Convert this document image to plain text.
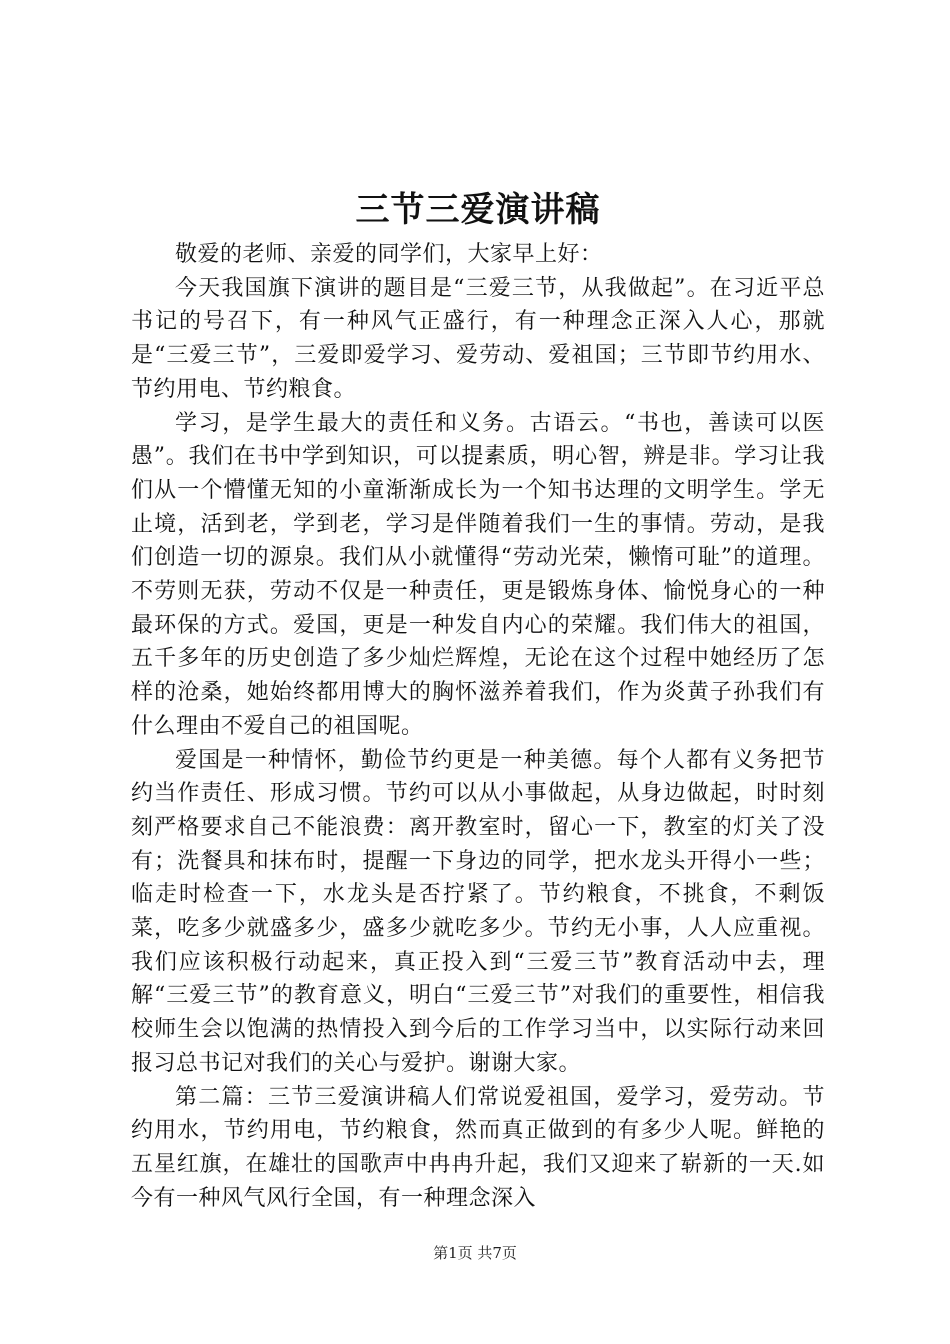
三节三爱演讲稿

敬爱的老师、亲爱的同学们，大家早上好：

今天我国旗下演讲的题目是“三爱三节，从我做起”。在习近平总书记的号召下，有一种风气正盛行，有一种理念正深入人心，那就是“三爱三节”，三爱即爱学习、爱劳动、爱祖国；三节即节约用水、节约用电、节约粮食。

学习，是学生最大的责任和义务。古语云。“书也，善读可以医愚”。我们在书中学到知识，可以提素质，明心智，辨是非。学习让我们从一个懵懂无知的小童渐渐成长为一个知书达理的文明学生。学无止境，活到老，学到老，学习是伴随着我们一生的事情。劳动，是我们创造一切的源泉。我们从小就懂得“劳动光荣，懒惰可耻”的道理。不劳则无获，劳动不仅是一种责任，更是锻炼身体、愉悦身心的一种最环保的方式。爱国，更是一种发自内心的荣耀。我们伟大的祖国，五千多年的历史创造了多少灿烂辉煌，无论在这个过程中她经历了怎样的沧桑，她始终都用博大的胸怀滋养着我们，作为炎黄子孙我们有什么理由不爱自己的祖国呢。

爱国是一种情怀，勤俭节约更是一种美德。每个人都有义务把节约当作责任、形成习惯。节约可以从小事做起，从身边做起，时时刻刻严格要求自己不能浪费：离开教室时，留心一下，教室的灯关了没有；洗餐具和抹布时，提醒一下身边的同学，把水龙头开得小一些；临走时检查一下，水龙头是否拧紧了。节约粮食，不挑食，不剩饭菜，吃多少就盛多少，盛多少就吃多少。节约无小事，人人应重视。我们应该积极行动起来，真正投入到“三爱三节”教育活动中去，理解“三爱三节”的教育意义，明白“三爱三节”对我们的重要性，相信我校师生会以饱满的热情投入到今后的工作学习当中，以实际行动来回报习总书记对我们的关心与爱护。谢谢大家。

第二篇：三节三爱演讲稿人们常说爱祖国，爱学习，爱劳动。节约用水，节约用电，节约粮食，然而真正做到的有多少人呢。鲜艳的五星红旗，在雄壮的国歌声中冉冉升起，我们又迎来了崭新的一天.如今有一种风气风行全国，有一种理念深入

第1页 共7页
